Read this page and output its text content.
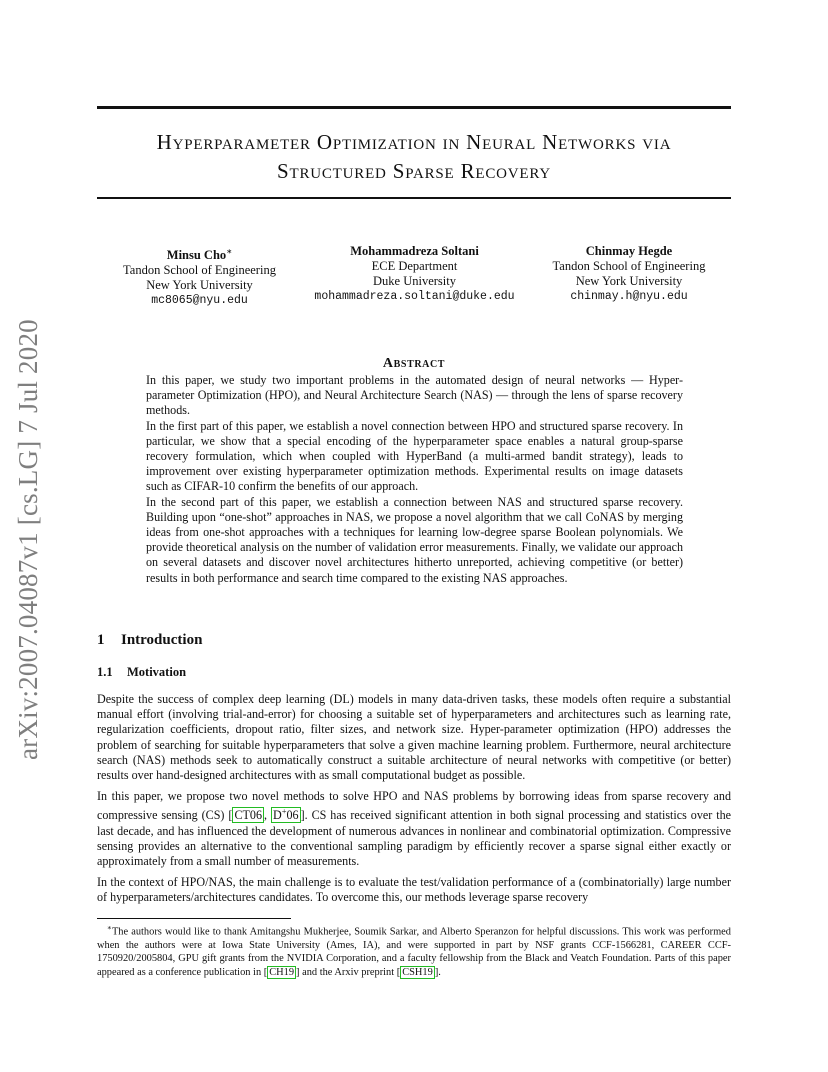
arXiv:2007.04087v1 [cs.LG] 7 Jul 2020
Hyperparameter Optimization in Neural Networks via
Structured Sparse Recovery
Minsu Cho∗
Tandon School of Engineering
New York University
mc8065@nyu.edu
Mohammadreza Soltani
ECE Department
Duke University
mohammadreza.soltani@duke.edu
Chinmay Hegde
Tandon School of Engineering
New York University
chinmay.h@nyu.edu
Abstract

In this paper, we study two important problems in the automated design of neural networks — Hyper-parameter Optimization (HPO), and Neural Architecture Search (NAS) — through the lens of sparse recovery methods.

In the first part of this paper, we establish a novel connection between HPO and structured sparse recovery. In particular, we show that a special encoding of the hyperparameter space enables a natural group-sparse recovery formulation, which when coupled with HyperBand (a multi-armed bandit strategy), leads to improvement over existing hyperparameter optimization methods. Experimental results on image datasets such as CIFAR-10 confirm the benefits of our approach.

In the second part of this paper, we establish a connection between NAS and structured sparse recovery. Building upon “one-shot” approaches in NAS, we propose a novel algorithm that we call CoNAS by merging ideas from one-shot approaches with a techniques for learning low-degree sparse Boolean polynomials. We provide theoretical analysis on the number of validation error measurements. Finally, we validate our approach on several datasets and discover novel architectures hitherto unreported, achieving competitive (or better) results in both performance and search time compared to the existing NAS approaches.

1 Introduction
1.1 Motivation

Despite the success of complex deep learning (DL) models in many data-driven tasks, these models often require a substantial manual effort (involving trial-and-error) for choosing a suitable set of hyperparameters and architectures such as learning rate, regularization coefficients, dropout ratio, filter sizes, and network size. Hyper-parameter optimization (HPO) addresses the problem of searching for suitable hyperparameters that solve a given machine learning problem. Furthermore, neural architecture search (NAS) methods seek to automatically construct a suitable architecture of neural networks with competitive (or better) results over hand-designed architectures with as small computational budget as possible.

In this paper, we propose two novel methods to solve HPO and NAS problems by borrowing ideas from sparse recovery and compressive sensing (CS) [ CT06 , D+06 ]. CS has received significant attention in both signal processing and statistics over the last decade, and has influenced the development of numerous advances in nonlinear and combinatorial optimization. Compressive sensing provides an alternative to the conventional sampling paradigm by efficiently recover a sparse signal either exactly or approximately from a small number of measurements.

In the context of HPO/NAS, the main challenge is to evaluate the test/validation performance of a (combinatorially) large number of hyperparameters/architectures candidates. To overcome this, our methods leverage sparse recovery

∗The authors would like to thank Amitangshu Mukherjee, Soumik Sarkar, and Alberto Speranzon for helpful discussions. This work was performed when the authors were at Iowa State University (Ames, IA), and were supported in part by NSF grants CCF-1566281, CAREER CCF-1750920/2005804, GPU gift grants from the NVIDIA Corporation, and a faculty fellowship from the Black and Veatch Foundation. Parts of this paper appeared as a conference publication in [ CH19 ] and the Arxiv preprint [ CSH19 ].
